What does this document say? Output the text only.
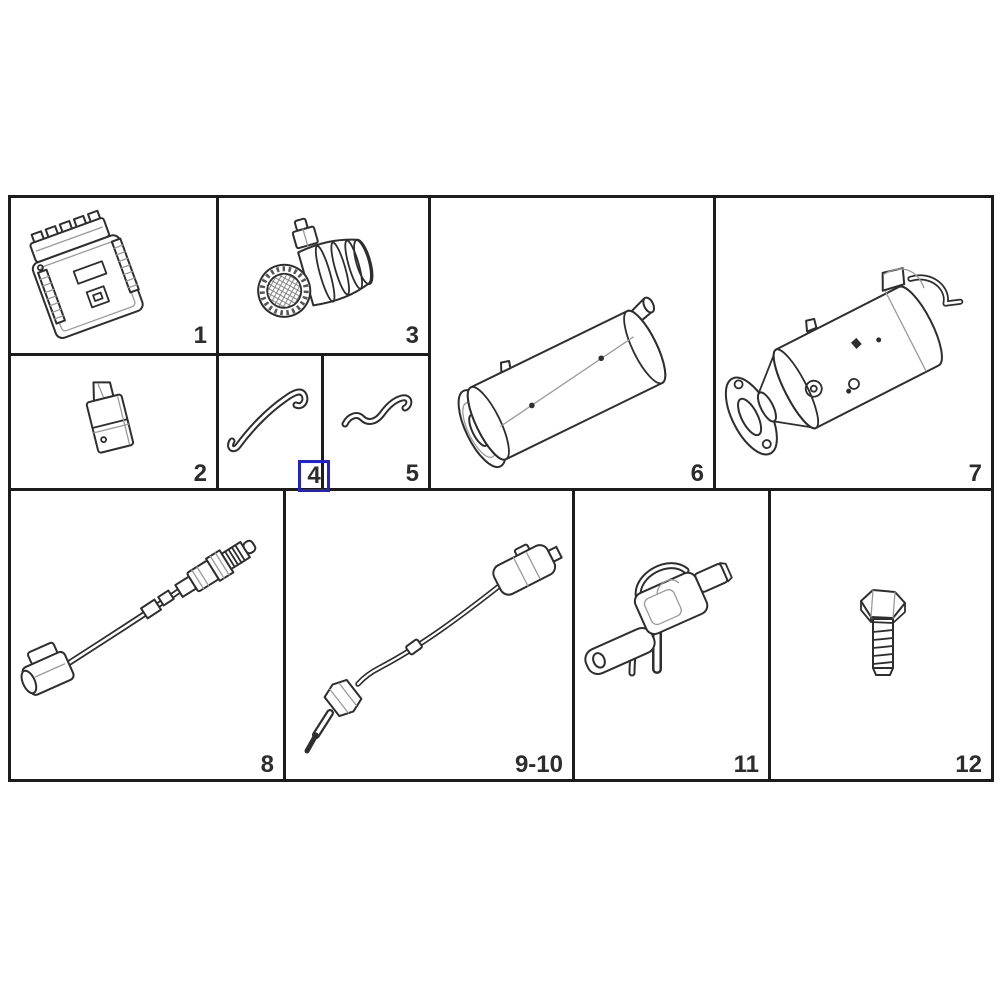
1	3
6	7
2	4	5
8	9-10	11	12
